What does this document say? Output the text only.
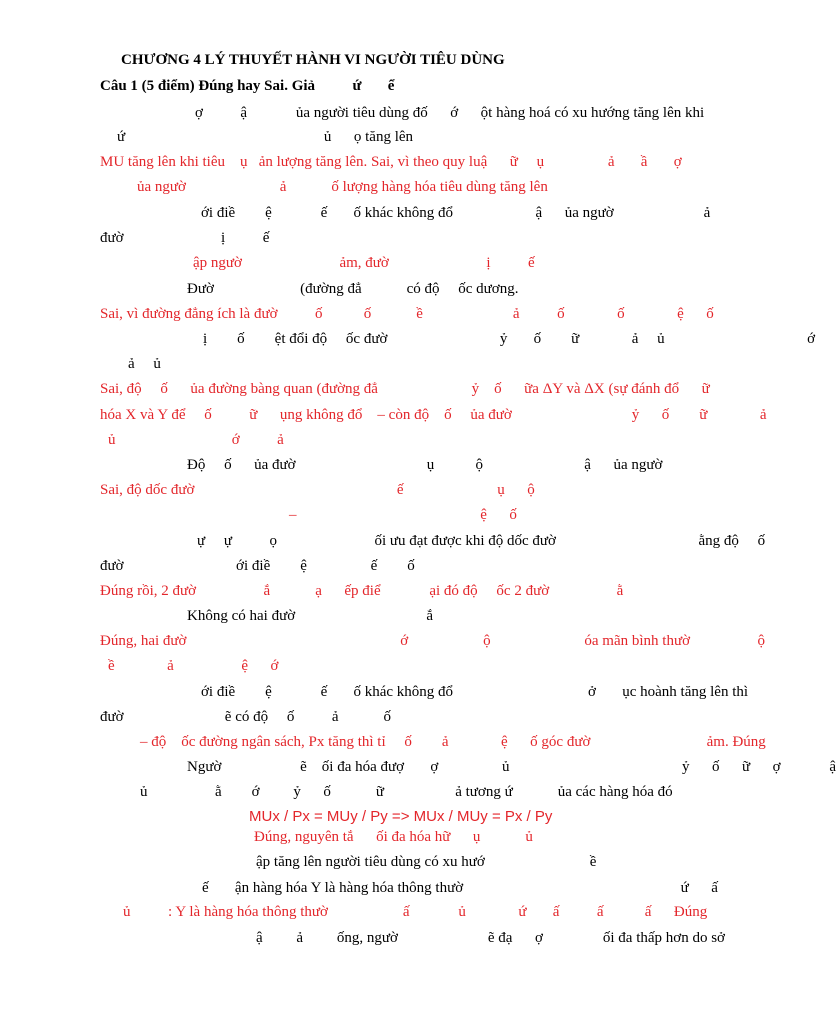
CHƯƠNG 4 LÝ THUYẾT HÀNH VI NGƯỜI TIÊU DÙNG
Câu 1 (5 điểm) Đúng hay Sai. Giả          ứ       ể
ợ          ậ             ủa người tiêu dùng đố      ớ      ột hàng hoá có xu hướng tăng lên khi
ứ                                                     ủ      ọ tăng lên
MU tăng lên khi tiêu    ụ   ản lượng tăng lên. Sai, vì theo quy luậ      ữ     ụ                 ả       ầ       ợ
ủa ngườ                         ả            ố lượng hàng hóa tiêu dùng tăng lên
ới điề        ệ             ế       ố khác không đổ                      ậ      ủa ngườ                        ả
đườ                          ị          ế
ập ngườ                          ảm, đườ                          ị          ế
Đườ                       (đường đẳ            có độ     ốc dương.
Sai, vì đường đẳng ích là đườ          ố           ố            ề                        ả          ố              ố              ệ      ố
ị        ố        ệt đổi độ     ốc đườ                              ỷ       ố        ữ              ả     ủ                                      ớ
ả     ủ
Sai, độ     ố      ủa đường bàng quan (đường đẳ                         ỷ    ố      ữa ΔY và ΔX (sự đánh đổ      ữ
hóa X và Y để     ố          ữ      ụng không đổ    – còn độ    ố     ủa đườ                                ỷ      ố        ữ              ả
ủ                               ớ          ả
Độ     ố      ủa đườ                                   ụ           ộ                           ậ      ủa ngườ
Sai, độ dốc đườ                                                      ế                         ụ      ộ
–                                                 ệ      ố
ự     ự          ọ                          ối ưu đạt được khi độ dốc đườ                                      ằng độ     ố
đườ                              ới điề        ệ                 ế        ố
Đúng rồi, 2 đườ                  ắ            ạ      ếp điể             ại đó độ     ốc 2 đườ                  ằ
Không có hai đườ                                   ắ
Đúng, hai đườ                                                         ớ                    ộ                         óa mãn bình thườ                  ộ
ề              ả                  ệ      ớ
ới điề        ệ             ế       ố khác không đổ                                    ở       ục hoành tăng lên thì
đườ                           ẽ có độ     ố          ả            ố
– độ    ốc đường ngân sách, Px tăng thì tỉ     ố        ả              ệ      ố góc đườ                               ảm. Đúng
Ngườ                     ẽ    ối đa hóa đượ       ợ                 ủ                                              ỷ      ố      ữ      ợ             ậ
ủ                  ằ        ớ         ỷ      ố            ữ                   ả tương ứ            ủa các hàng hóa đó
MUx / Px = MUy / Py => MUx / MUy = Px / Py
Đúng, nguyên tắ      ối đa hóa hữ      ụ            ủ
ập tăng lên người tiêu dùng có xu hướ                            ề
ế       ận hàng hóa Y là hàng hóa thông thườ                                                          ứ      ấ
ủ          : Y là hàng hóa thông thườ                    ấ             ủ              ứ       ấ          ấ           ấ      Đúng
ậ         ả         ống, ngườ                        ẽ đạ      ợ                ối đa thấp hơn do sở
